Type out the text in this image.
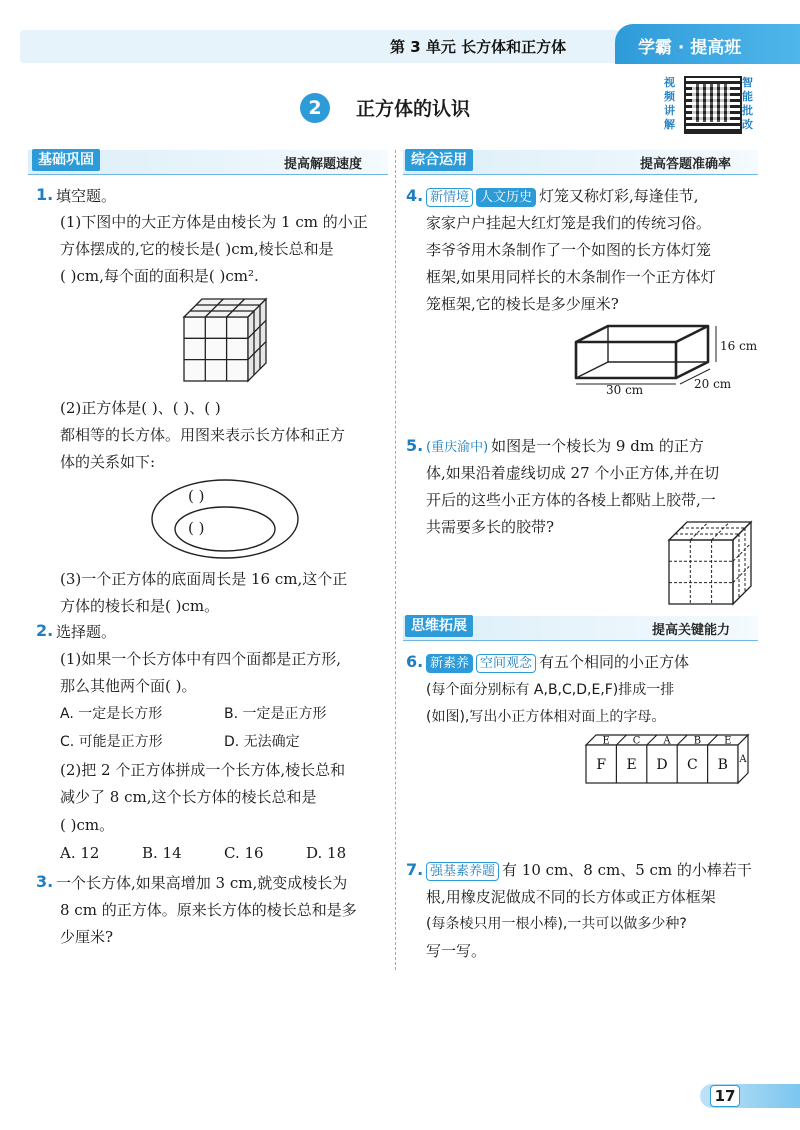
第 3 单元 长方体和正方体	学霸 · 提高班
2	正方体的认识
视频讲解
智能批改
基础巩固	提高解题速度	综合运用	提高答题准确率
思维拓展	提高关键能力
1. 填空题。
(1)下图中的大正方体是由棱长为 1 cm 的小正
方体摆成的,它的棱长是( )cm,棱长总和是
( )cm,每个面的面积是( )cm².
(2)正方体是( )、( )、( )
都相等的长方体。用图来表示长方体和正方
体的关系如下:
( )
( )
(3)一个正方体的底面周长是 16 cm,这个正
方体的棱长和是( )cm。
2. 选择题。
(1)如果一个长方体中有四个面都是正方形,
那么其他两个面( )。
A. 一定是长方形	B. 一定是正方形
C. 可能是正方形	D. 无法确定
(2)把 2 个正方体拼成一个长方体,棱长总和
减少了 8 cm,这个长方体的棱长总和是
( )cm。
A. 12	B. 14	C. 16	D. 18
3. 一个长方体,如果高增加 3 cm,就变成棱长为
8 cm 的正方体。原来长方体的棱长总和是多
少厘米?
4. 新情境 人文历史 灯笼又称灯彩,每逢佳节,
家家户户挂起大红灯笼是我们的传统习俗。
李爷爷用木条制作了一个如图的长方体灯笼
框架,如果用同样长的木条制作一个正方体灯
笼框架,它的棱长是多少厘米?
16 cm
30 cm	20 cm
5. (重庆渝中) 如图是一个棱长为 9 dm 的正方
体,如果沿着虚线切成 27 个小正方体,并在切
开后的这些小正方体的各棱上都贴上胶带,一
共需要多长的胶带?
6. 新素养 空间观念 有五个相同的小正方体
(每个面分别标有 A,B,C,D,E,F)排成一排
(如图),写出小正方体相对面上的字母。
E C A B E
F E D C B A
7. 强基素养题 有 10 cm、8 cm、5 cm 的小棒若干
根,用橡皮泥做成不同的长方体或正方体框架
(每条棱只用一根小棒),一共可以做多少种?
写一写。
17
